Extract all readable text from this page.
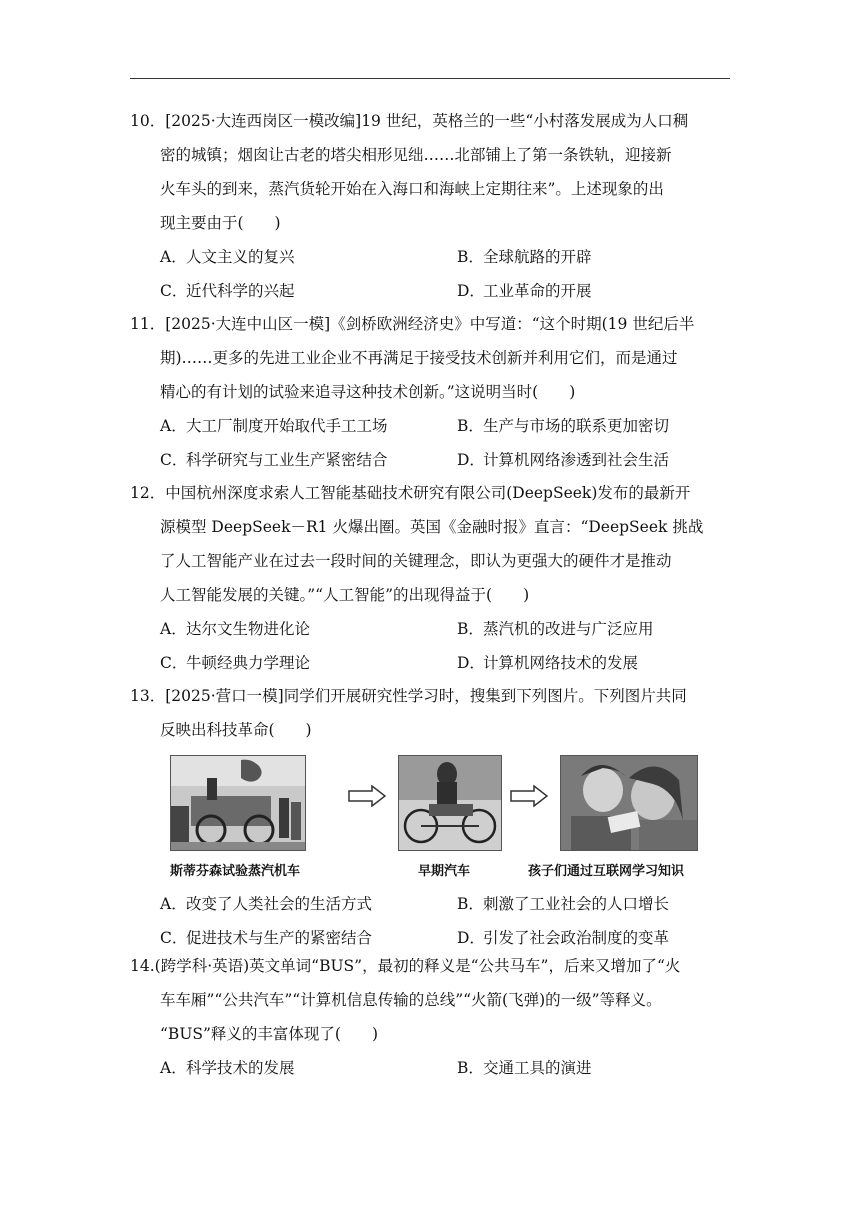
10．[2025·大连西岗区一模改编]19 世纪，英格兰的一些“小村落发展成为人口稠
密的城镇；烟囱让古老的塔尖相形见绌……北部铺上了第一条铁轨，迎接新
火车头的到来，蒸汽货轮开始在入海口和海峡上定期往来”。上述现象的出
现主要由于(　　)
A．人文主义的复兴	B．全球航路的开辟
C．近代科学的兴起	D．工业革命的开展
11．[2025·大连中山区一模]《剑桥欧洲经济史》中写道：“这个时期(19 世纪后半
期)……更多的先进工业企业不再满足于接受技术创新并利用它们，而是通过
精心的有计划的试验来追寻这种技术创新。”这说明当时(　　)
A．大工厂制度开始取代手工工场	B．生产与市场的联系更加密切
C．科学研究与工业生产紧密结合	D．计算机网络渗透到社会生活
12．中国杭州深度求索人工智能基础技术研究有限公司(DeepSeek)发布的最新开
源模型 DeepSeek－R1 火爆出圈。英国《金融时报》直言：“DeepSeek 挑战
了人工智能产业在过去一段时间的关键理念，即认为更强大的硬件才是推动
人工智能发展的关键。”“人工智能”的出现得益于(　　)
A．达尔文生物进化论	B．蒸汽机的改进与广泛应用
C．牛顿经典力学理论	D．计算机网络技术的发展
13．[2025·营口一模]同学们开展研究性学习时，搜集到下列图片。下列图片共同
反映出科技革命(　　)
斯蒂芬森试验蒸汽机车	早期汽车	孩子们通过互联网学习知识
A．改变了人类社会的生活方式	B．刺激了工业社会的人口增长
C．促进技术与生产的紧密结合	D．引发了社会政治制度的变革
14.(跨学科·英语)英文单词“BUS”，最初的释义是“公共马车”，后来又增加了“火
车车厢”“公共汽车”“计算机信息传输的总线”“火箭(飞弹)的一级”等释义。
“BUS”释义的丰富体现了(　　)
A．科学技术的发展	B．交通工具的演进
